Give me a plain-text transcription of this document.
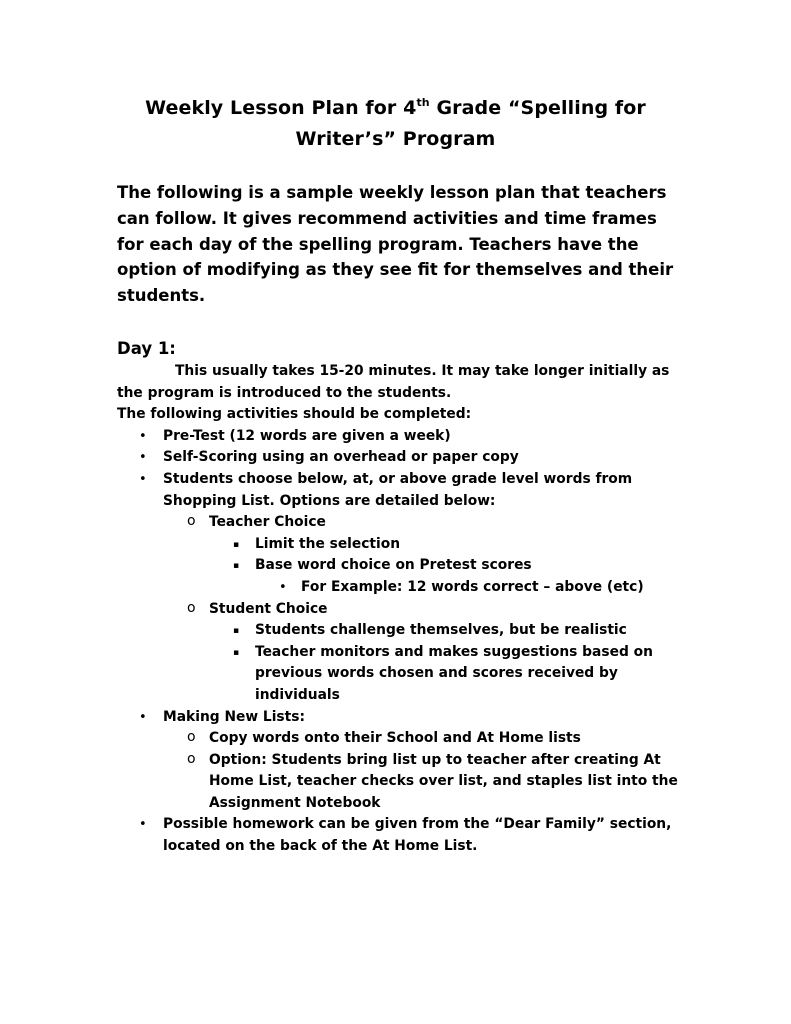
Weekly Lesson Plan for 4th Grade “Spelling for
Writer’s” Program

The following is a sample weekly lesson plan that teachers can follow. It gives recommend activities and time frames for each day of the spelling program. Teachers have the option of modifying as they see fit for themselves and their students.

Day 1:

This usually takes 15-20 minutes. It may take longer initially as the program is introduced to the students.

The following activities should be completed:

• Pre-Test (12 words are given a week)
• Self-Scoring using an overhead or paper copy
• Students choose below, at, or above grade level words from Shopping List. Options are detailed below:
o Teacher Choice
▪ Limit the selection
▪ Base word choice on Pretest scores
• For Example: 12 words correct – above (etc)
o Student Choice
▪ Students challenge themselves, but be realistic
▪ Teacher monitors and makes suggestions based on previous words chosen and scores received by individuals
• Making New Lists:
o Copy words onto their School and At Home lists
o Option: Students bring list up to teacher after creating At Home List, teacher checks over list, and staples list into the Assignment Notebook
• Possible homework can be given from the “Dear Family” section, located on the back of the At Home List.
